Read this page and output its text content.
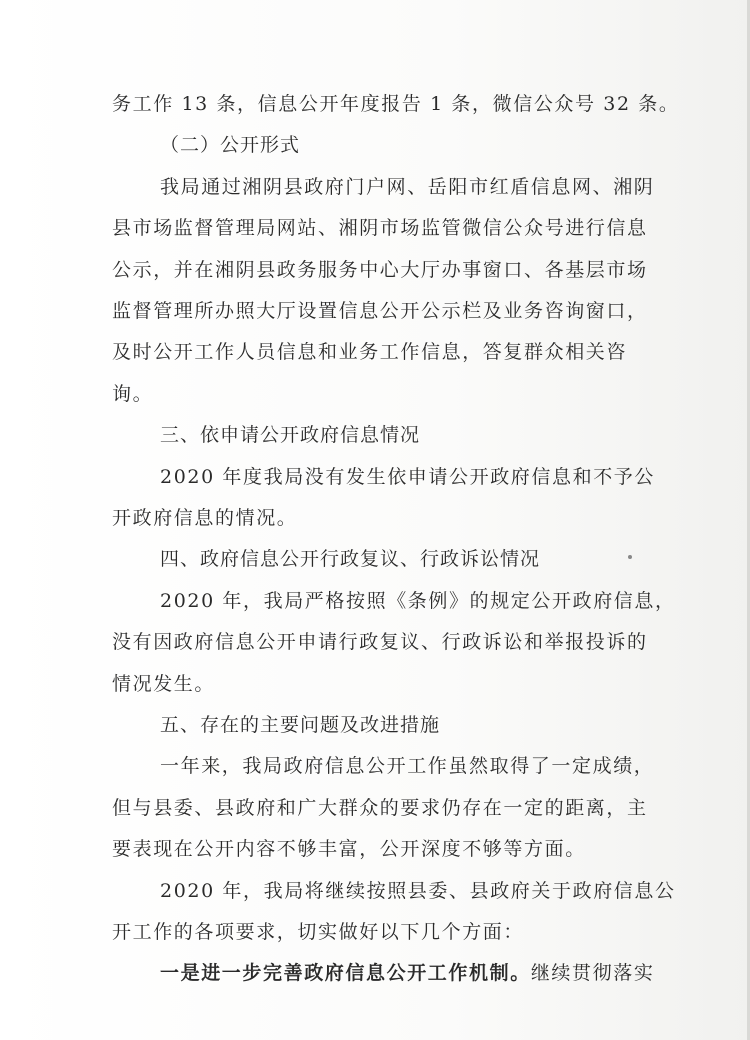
务工作 13 条，信息公开年度报告 1 条，微信公众号 32 条。
（二）公开形式
我局通过湘阴县政府门户网、岳阳市红盾信息网、湘阴
县市场监督管理局网站、湘阴市场监管微信公众号进行信息
公示，并在湘阴县政务服务中心大厅办事窗口、各基层市场
监督管理所办照大厅设置信息公开公示栏及业务咨询窗口，
及时公开工作人员信息和业务工作信息，答复群众相关咨
询。
三、依申请公开政府信息情况
2020 年度我局没有发生依申请公开政府信息和不予公
开政府信息的情况。
四、政府信息公开行政复议、行政诉讼情况
2020 年，我局严格按照《条例》的规定公开政府信息，
没有因政府信息公开申请行政复议、行政诉讼和举报投诉的
情况发生。
五、存在的主要问题及改进措施
一年来，我局政府信息公开工作虽然取得了一定成绩，
但与县委、县政府和广大群众的要求仍存在一定的距离，主
要表现在公开内容不够丰富，公开深度不够等方面。
2020 年，我局将继续按照县委、县政府关于政府信息公
开工作的各项要求，切实做好以下几个方面：
一是进一步完善政府信息公开工作机制。继续贯彻落实
